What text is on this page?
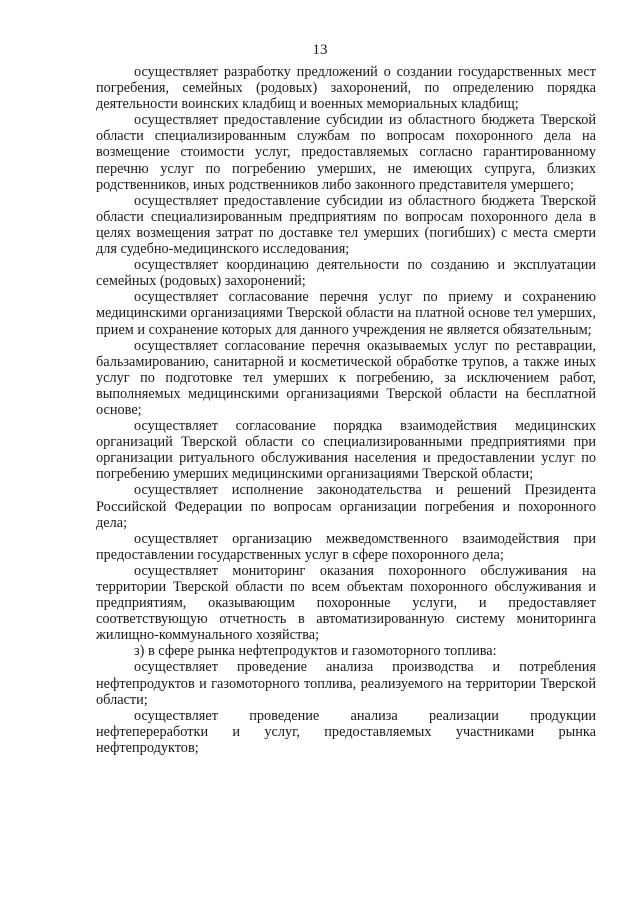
13

осуществляет разработку предложений о создании государственных мест погребения, семейных (родовых) захоронений, по определению порядка деятельности воинских кладбищ и военных мемориальных кладбищ;

осуществляет предоставление субсидии из областного бюджета Тверской области специализированным службам по вопросам похоронного дела на возмещение стоимости услуг, предоставляемых согласно гарантированному перечню услуг по погребению умерших, не имеющих супруга, близких родственников, иных родственников либо законного представителя умершего;

осуществляет предоставление субсидии из областного бюджета Тверской области специализированным предприятиям по вопросам похоронного дела в целях возмещения затрат по доставке тел умерших (погибших) с места смерти для судебно-медицинского исследования;

осуществляет координацию деятельности по созданию и эксплуатации семейных (родовых) захоронений;

осуществляет согласование перечня услуг по приему и сохранению медицинскими организациями Тверской области на платной основе тел умерших, прием и сохранение которых для данного учреждения не является обязательным;

осуществляет согласование перечня оказываемых услуг по реставрации, бальзамированию, санитарной и косметической обработке трупов, а также иных услуг по подготовке тел умерших к погребению, за исключением работ, выполняемых медицинскими организациями Тверской области на бесплатной основе;

осуществляет согласование порядка взаимодействия медицинских организаций Тверской области со специализированными предприятиями при организации ритуального обслуживания населения и предоставлении услуг по погребению умерших медицинскими организациями Тверской области;

осуществляет исполнение законодательства и решений Президента Российской Федерации по вопросам организации погребения и похоронного дела;

осуществляет организацию межведомственного взаимодействия при предоставлении государственных услуг в сфере похоронного дела;

осуществляет мониторинг оказания похоронного обслуживания на территории Тверской области по всем объектам похоронного обслуживания и предприятиям, оказывающим похоронные услуги, и предоставляет соответствующую отчетность в автоматизированную систему мониторинга жилищно-коммунального хозяйства;

з) в сфере рынка нефтепродуктов и газомоторного топлива:

осуществляет проведение анализа производства и потребления нефтепродуктов и газомоторного топлива, реализуемого на территории Тверской области;

осуществляет проведение анализа реализации продукции нефтепереработки и услуг, предоставляемых участниками рынка нефтепродуктов;
